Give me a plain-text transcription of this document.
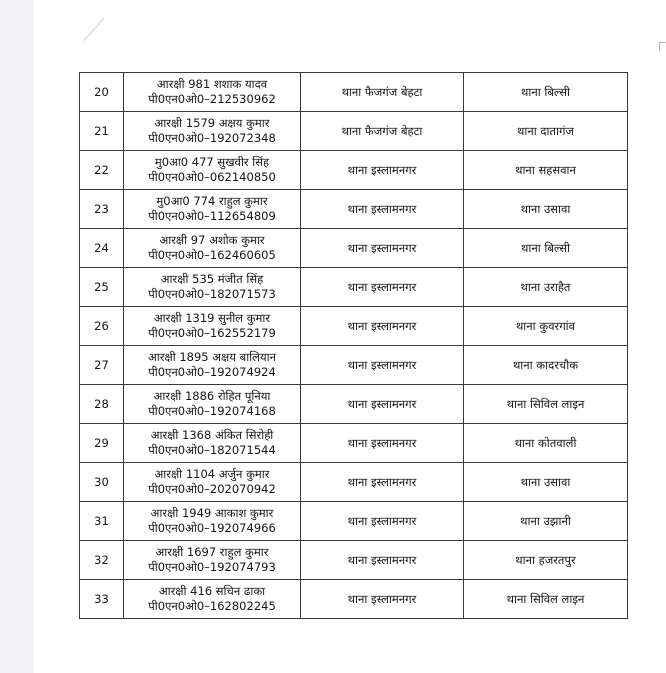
20	आरक्षी 981 शशाक यादव
पी0एन0ओ0–212530962	थाना फैजगंज बेहटा	थाना बिल्सी
21	आरक्षी 1579 अक्षय कुमार
पी0एन0ओ0–192072348	थाना फैजगंज बेहटा	थाना दातागंज
22	मु0आ0 477 सुखवीर सिंह
पी0एन0ओ0–062140850	थाना इस्लामनगर	थाना सहसवान
23	मु0आ0 774 राहुल कुमार
पी0एन0ओ0–112654809	थाना इस्लामनगर	थाना उसावा
24	आरक्षी 97 अशोक कुमार
पी0एन0ओ0–162460605	थाना इस्लामनगर	थाना बिल्सी
25	आरक्षी 535 मंजीत सिंह
पी0एन0ओ0–182071573	थाना इस्लामनगर	थाना उराहैत
26	आरक्षी 1319 सुनील कुमार
पी0एन0ओ0–162552179	थाना इस्लामनगर	थाना कुवरगांव
27	आरक्षी 1895 अक्षय बालियान
पी0एन0ओ0–192074924	थाना इस्लामनगर	थाना कादरचौक
28	आरक्षी 1886 रोहित पूनिया
पी0एन0ओ0–192074168	थाना इस्लामनगर	थाना सिविल लाइन
29	आरक्षी 1368 अंकित सिरोही
पी0एन0ओ0–182071544	थाना इस्लामनगर	थाना कोतवाली
30	आरक्षी 1104 अर्जुन कुमार
पी0एन0ओ0–202070942	थाना इस्लामनगर	थाना उसावा
31	आरक्षी 1949 आकाश कुमार
पी0एन0ओ0–192074966	थाना इस्लामनगर	थाना उझानी
32	आरक्षी 1697 राहुल कुमार
पी0एन0ओ0–192074793	थाना इस्लामनगर	थाना हजरतपुर
33	आरक्षी 416 सचिन ढाका
पी0एन0ओ0–162802245	थाना इस्लामनगर	थाना सिविल लाइन
